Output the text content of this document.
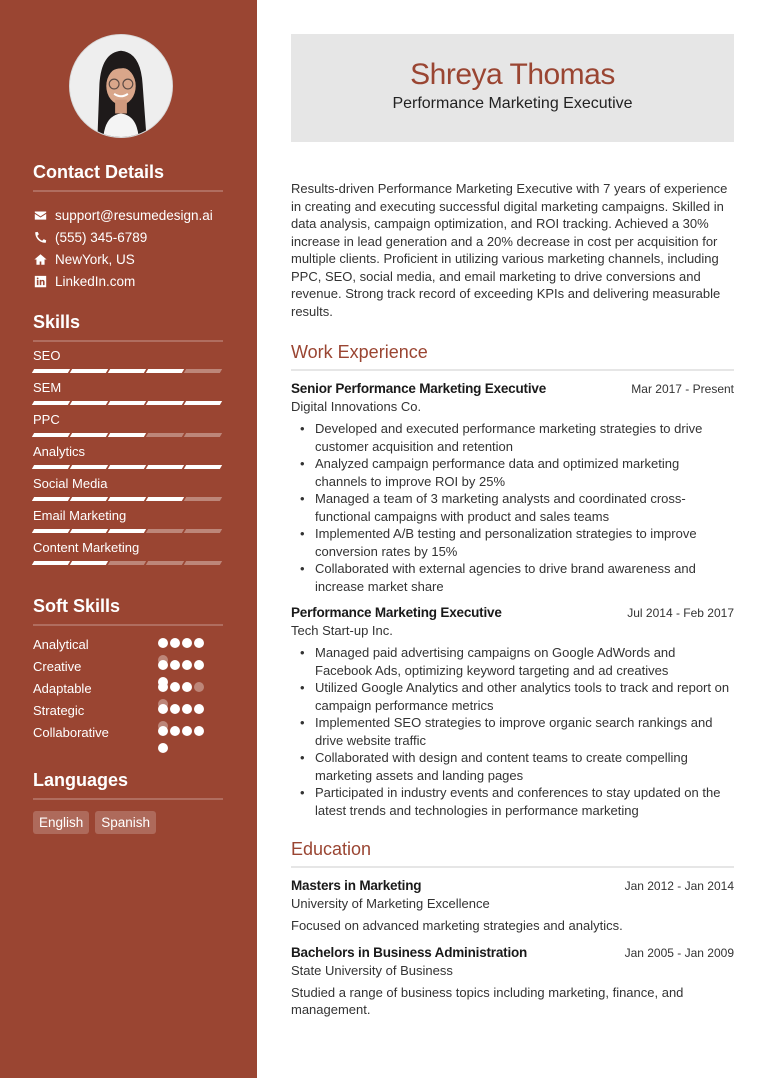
Contact Details
support@resumedesign.ai
(555) 345-6789
NewYork, US
LinkedIn.com
Skills
SEO
SEM
PPC
Analytics
Social Media
Email Marketing
Content Marketing
Soft Skills
Analytical
Creative
Adaptable
Strategic
Collaborative
Languages
English	Spanish
Shreya Thomas
Performance Marketing Executive

Results-driven Performance Marketing Executive with 7 years of experience in creating and executing successful digital marketing campaigns. Skilled in data analysis, campaign optimization, and ROI tracking. Achieved a 30% increase in lead generation and a 20% decrease in cost per acquisition for multiple clients. Proficient in utilizing various marketing channels, including PPC, SEO, social media, and email marketing to drive conversions and revenue. Strong track record of exceeding KPIs and delivering measurable results.

Work Experience
Senior Performance Marketing Executive	Mar 2017 - Present
Digital Innovations Co.
• Developed and executed performance marketing strategies to drive customer acquisition and retention
• Analyzed campaign performance data and optimized marketing channels to improve ROI by 25%
• Managed a team of 3 marketing analysts and coordinated cross-functional campaigns with product and sales teams
• Implemented A/B testing and personalization strategies to improve conversion rates by 15%
• Collaborated with external agencies to drive brand awareness and increase market share
Performance Marketing Executive	Jul 2014 - Feb 2017
Tech Start-up Inc.
• Managed paid advertising campaigns on Google AdWords and Facebook Ads, optimizing keyword targeting and ad creatives
• Utilized Google Analytics and other analytics tools to track and report on campaign performance metrics
• Implemented SEO strategies to improve organic search rankings and drive website traffic
• Collaborated with design and content teams to create compelling marketing assets and landing pages
• Participated in industry events and conferences to stay updated on the latest trends and technologies in performance marketing
Education
Masters in Marketing	Jan 2012 - Jan 2014
University of Marketing Excellence
Focused on advanced marketing strategies and analytics.
Bachelors in Business Administration	Jan 2005 - Jan 2009
State University of Business
Studied a range of business topics including marketing, finance, and management.
